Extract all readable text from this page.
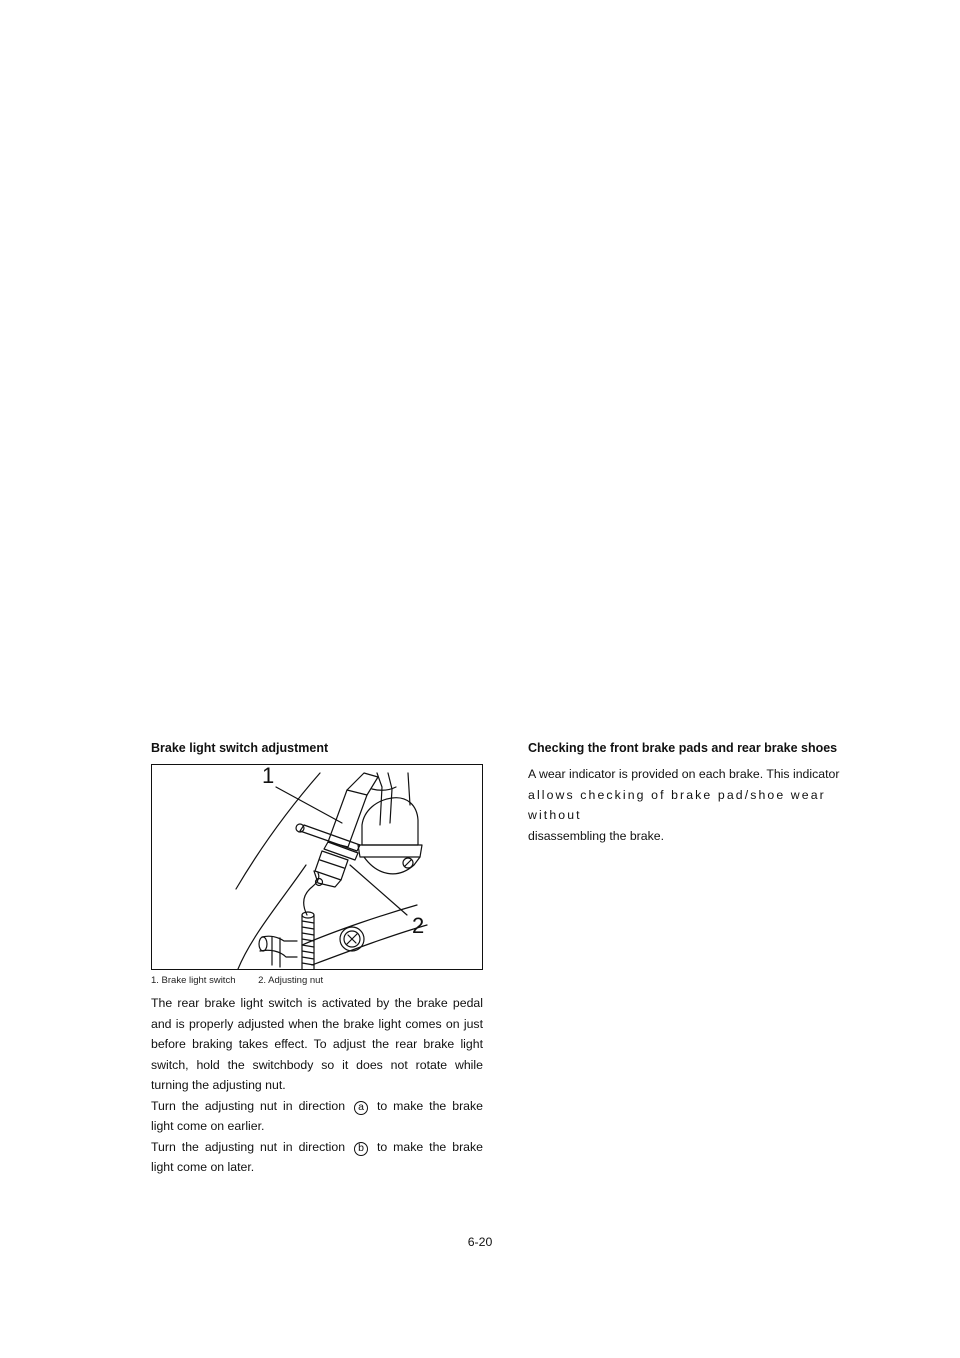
Brake light switch adjustment
1
2
1. Brake light switch 2. Adjusting nut

The rear brake light switch is activated by the brake pedal and is properly adjusted when the brake light comes on just before braking takes effect. To adjust the rear brake light switch, hold the switchbody so it does not rotate while turning the adjusting nut.

Turn the adjusting nut in direction a to make the brake light come on earlier.

Turn the adjusting nut in direction b to make the brake light come on later.

Checking the front brake pads and rear brake shoes
A wear indicator is provided on each brake. This indicator
allows checking of brake pad/shoe wear without
disassembling the brake.
6-20
